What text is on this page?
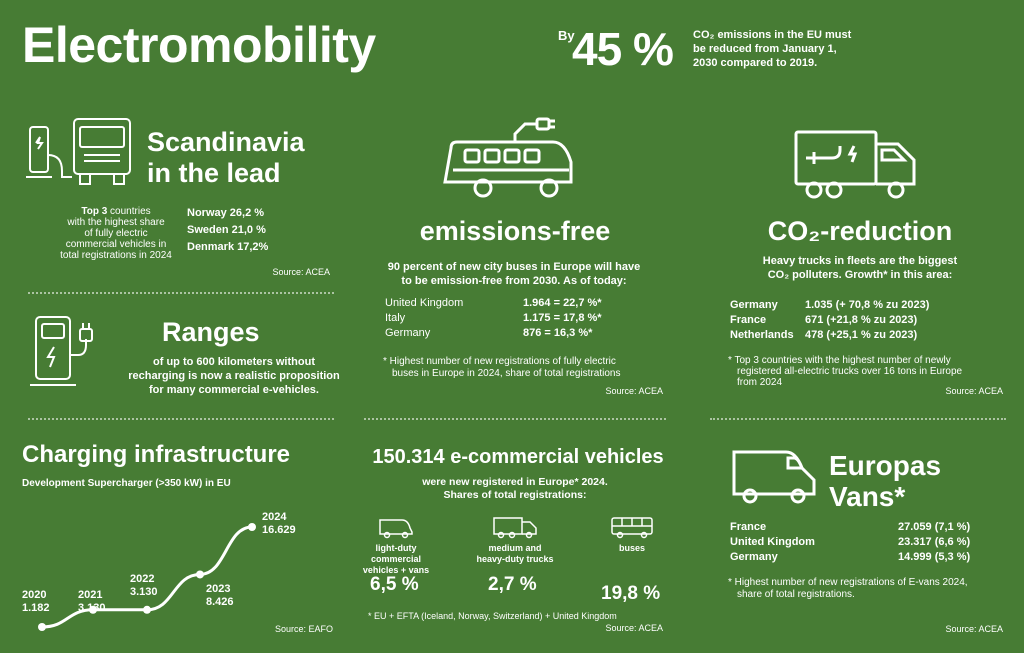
Electromobility	By
45 % CO₂ emissions in the EU must
be reduced from January 1,
2030 compared to 2019.
Scandinavia
in the lead
Top 3 countries
with the highest share
of fully electric
commercial vehicles in
total registrations in 2024
Norway 26,2 %
Sweden 21,0 %
Denmark 17,2%
Source: ACEA
Ranges
of up to 600 kilometers without
recharging is now a realistic proposition
for many commercial e-vehicles.
Charging infrastructure
Development Supercharger (>350 kW) in EU
2020
1.182
2021
3.130
2022
3.130	2023
8.426
2024
16.629
Source: EAFO
emissions-free
90 percent of new city buses in Europe will have
to be emission-free from 2030. As of today:
United Kingdom	1.964 = 22,7 %*
Italy	1.175 = 17,8 %*
Germany	876 = 16,3 %*
* Highest number of new registrations of fully electric
buses in Europe in 2024, share of total registrations
Source: ACEA
150.314 e-commercial vehicles
were new registered in Europe* 2024.
Shares of total registrations:
light-duty
commercial
vehicles + vans
medium and
heavy-duty trucks
buses
6,5 %	2,7 %	19,8 %
* EU + EFTA (Iceland, Norway, Switzerland) + United Kingdom
Source: ACEA
CO₂-reduction
Heavy trucks in fleets are the biggest
CO₂ polluters. Growth* in this area:
Germany	1.035 (+ 70,8 % zu 2023)
France	671 (+21,8 % zu 2023)
Netherlands	478 (+25,1 % zu 2023)
* Top 3 countries with the highest number of newly
registered all-electric trucks over 16 tons in Europe
from 2024
Source: ACEA
Europas
Vans*
France	27.059 (7,1 %)
United Kingdom	23.317 (6,6 %)
Germany	14.999 (5,3 %)
* Highest number of new registrations of E-vans 2024,
share of total registrations.
Source: ACEA
